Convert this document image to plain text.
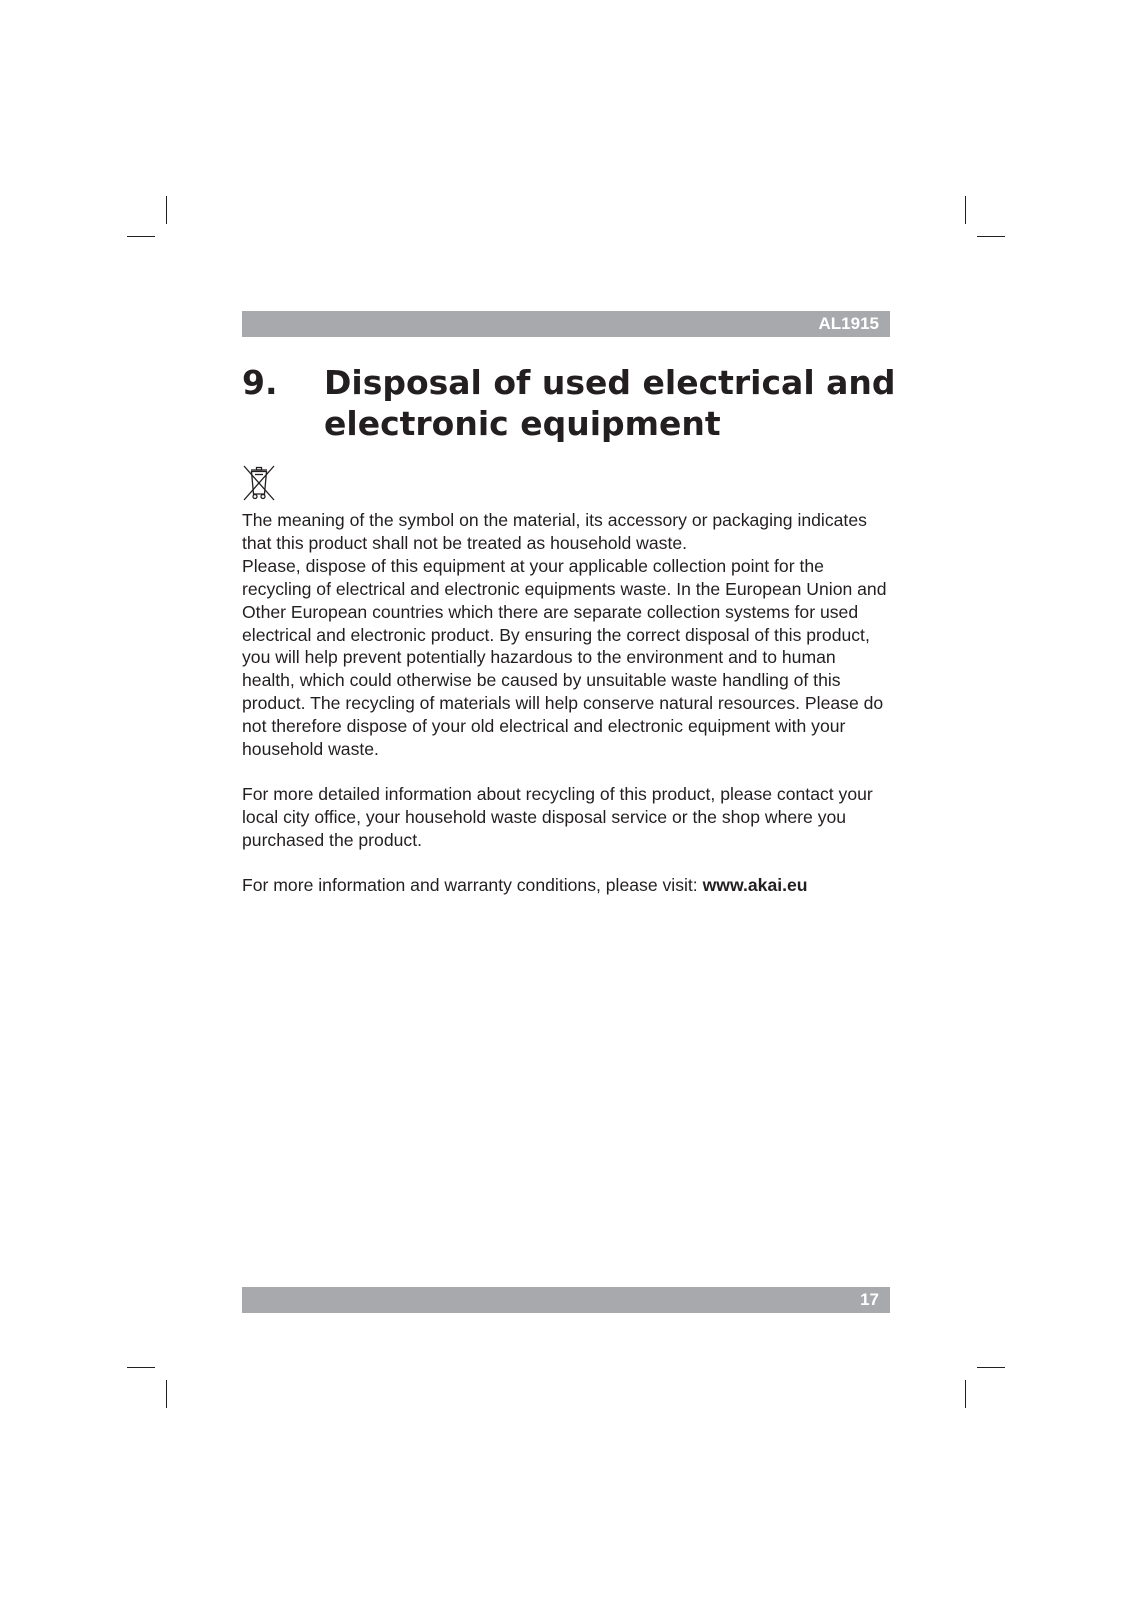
AL1915
9. Disposal of used electrical and electronic equipment

The meaning of the symbol on the material, its accessory or packaging indicates that this product shall not be treated as household waste.

Please, dispose of this equipment at your applicable collection point for the recycling of electrical and electronic equipments waste. In the European Union and Other European countries which there are separate collection systems for used electrical and electronic product. By ensuring the correct disposal of this product, you will help prevent potentially hazardous to the environment and to human health, which could otherwise be caused by unsuitable waste handling of this product. The recycling of materials will help conserve natural resources. Please do not therefore dispose of your old electrical and electronic equipment with your household waste.

For more detailed information about recycling of this product, please contact your local city office, your household waste disposal service or the shop where you purchased the product.

For more information and warranty conditions, please visit: www.akai.eu

17
